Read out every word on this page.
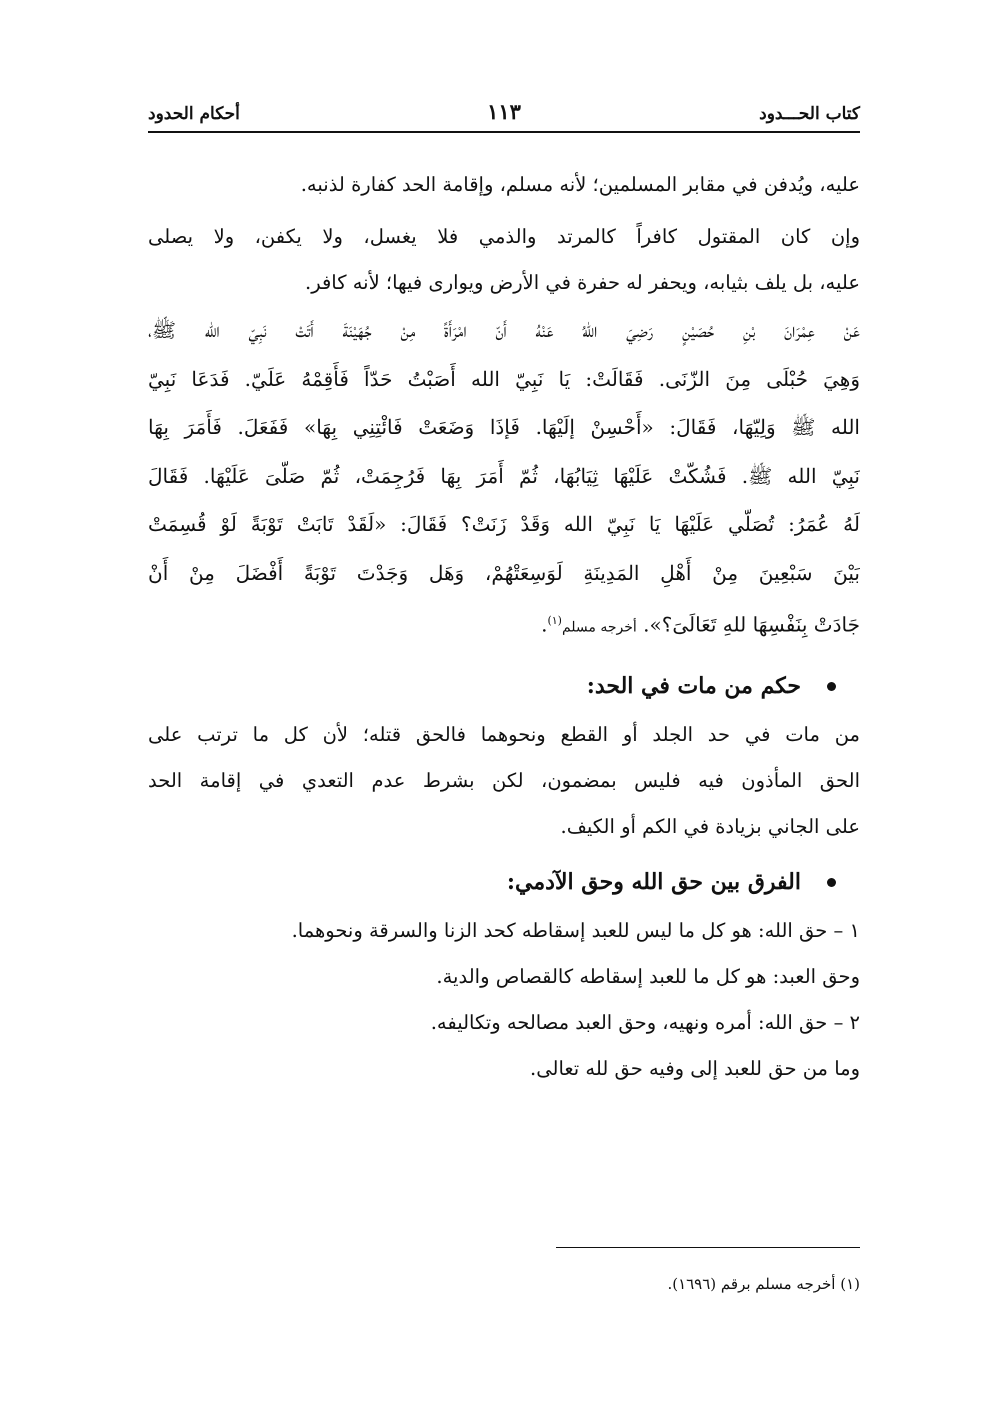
كتاب الحـــدود
١١٣
أحكام الحدود
عليه، ويُدفن في مقابر المسلمين؛ لأنه مسلم، وإقامة الحد كفارة لذنبه.
وإن كان المقتول كافراً كالمرتد والذمي فلا يغسل، ولا يكفن، ولا يصلى
عليه، بل يلف بثيابه، ويحفر له حفرة في الأرض ويوارى فيها؛ لأنه كافر.
عَنْ عِمْرَانَ بْنِ حُصَيْنٍ رَضِيَ اللهُ عَنْهُ أَنّ امْرَأَةً مِنْ جُهَيْنَةَ أَتَتْ نَبِيّ الله ﷺ،
وَهِيَ حُبْلَى مِنَ الزّنَى. فَقَالَتْ: يَا نَبِيّ الله أَصَبْتُ حَدّاً فَأَقِمْهُ عَلَيّ. فَدَعَا نَبِيّ
الله ﷺ وَلِيّهَا، فَقَالَ: «أَحْسِنْ إلَيْهَا. فَإذَا وَضَعَتْ فَائْتِنِي بِهَا» فَفَعَلَ. فَأَمَرَ بِهَا
نَبِيّ الله ﷺ. فَشُكّتْ عَلَيْهَا ثِيَابُهَا، ثُمّ أَمَرَ بِهَا فَرُجِمَتْ، ثُمّ صَلّىَ عَلَيْهَا. فَقَالَ
لَهُ عُمَرُ: تُصَلّي عَلَيْهَا يَا نَبِيّ الله وَقَدْ زَنَتْ؟ فَقَالَ: «لَقَدْ تَابَتْ تَوْبَةً لَوْ قُسِمَتْ
بَيْنَ سَبْعِينَ مِنْ أَهْلِ المَدِينَةِ لَوَسِعَتْهُمْ، وَهَل وَجَدْتَ تَوْبَةً أَفْضَلَ مِنْ أَنْ
جَادَتْ بِنَفْسِهَا للهِ تَعَالَىَ؟». أخرجه مسلم$^{(١)}$.
حكم من مات في الحد:
من مات في حد الجلد أو القطع ونحوهما فالحق قتله؛ لأن كل ما ترتب على
الحق المأذون فيه فليس بمضمون، لكن بشرط عدم التعدي في إقامة الحد
على الجاني بزيادة في الكم أو الكيف.
الفرق بين حق الله وحق الآدمي:
١ – حق الله: هو كل ما ليس للعبد إسقاطه كحد الزنا والسرقة ونحوهما.
وحق العبد: هو كل ما للعبد إسقاطه كالقصاص والدية.
٢ – حق الله: أمره ونهيه، وحق العبد مصالحه وتكاليفه.
وما من حق للعبد إلى وفيه حق لله تعالى.
(١) أخرجه مسلم برقم (١٦٩٦).
